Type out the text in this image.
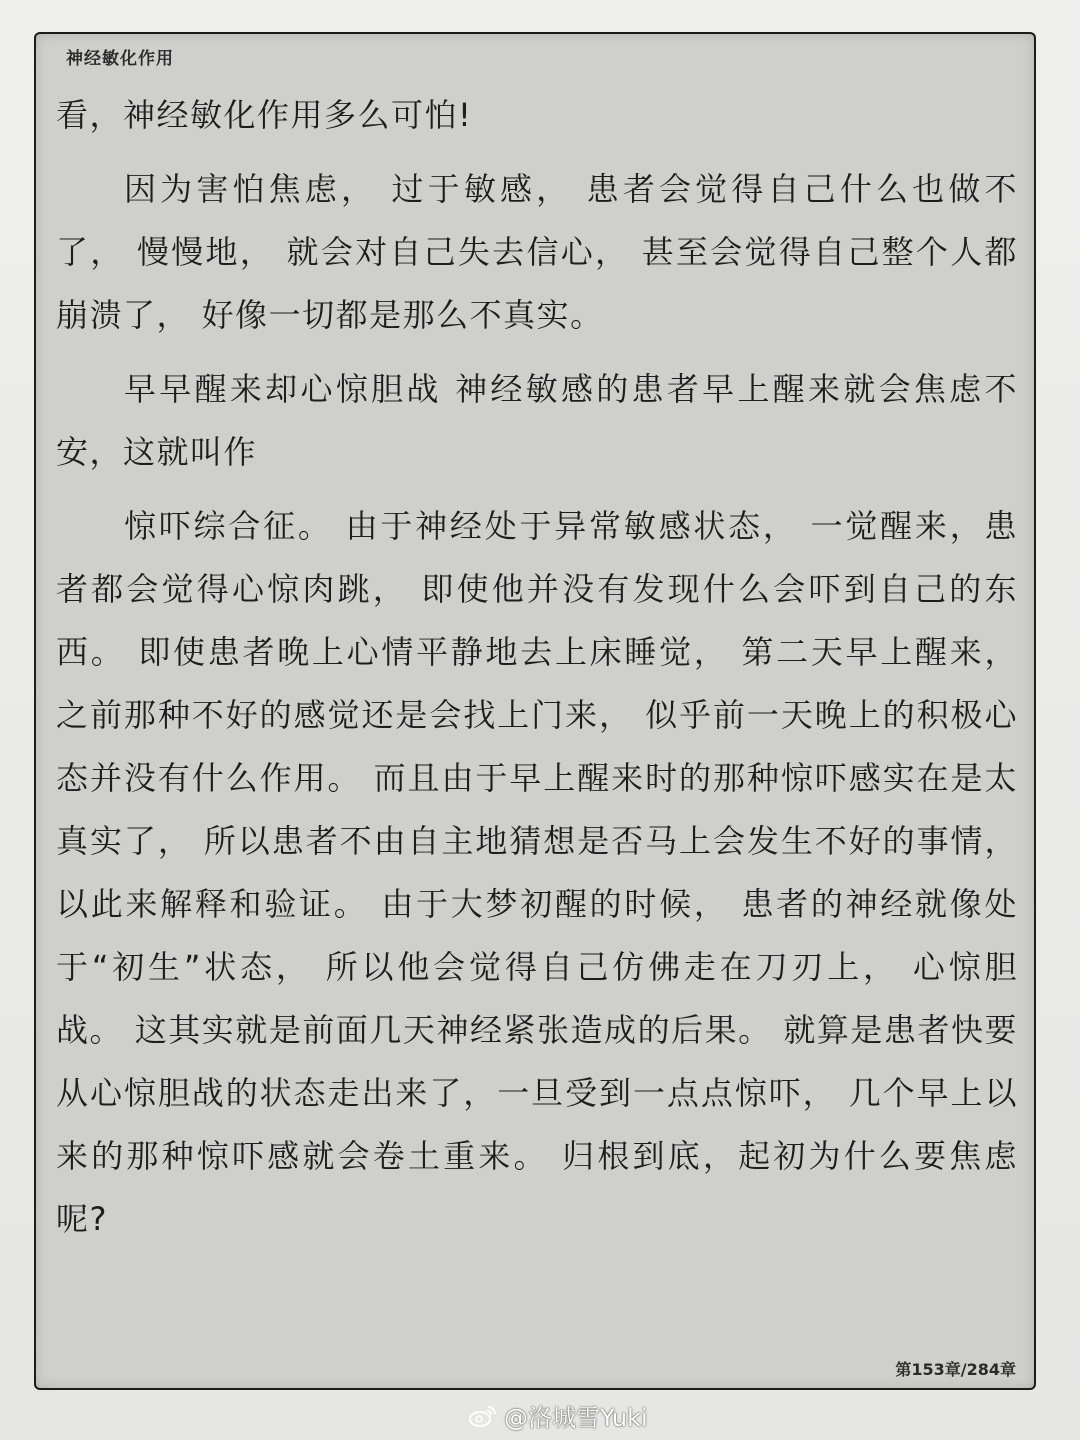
神经敏化作用

看，神经敏化作用多么可怕!

因为害怕焦虑， 过于敏感， 患者会觉得自己什么也做不了， 慢慢地， 就会对自己失去信心， 甚至会觉得自己整个人都崩溃了， 好像一切都是那么不真实。

早早醒来却心惊胆战 神经敏感的患者早上醒来就会焦虑不安，这就叫作

惊吓综合征。 由于神经处于异常敏感状态， 一觉醒来，患者都会觉得心惊肉跳， 即使他并没有发现什么会吓到自己的东西。 即使患者晚上心情平静地去上床睡觉， 第二天早上醒来， 之前那种不好的感觉还是会找上门来， 似乎前一天晚上的积极心态并没有什么作用。 而且由于早上醒来时的那种惊吓感实在是太真实了， 所以患者不由自主地猜想是否马上会发生不好的事情， 以此来解释和验证。 由于大梦初醒的时候， 患者的神经就像处于“初生”状态， 所以他会觉得自己仿佛走在刀刃上， 心惊胆战。 这其实就是前面几天神经紧张造成的后果。 就算是患者快要从心惊胆战的状态走出来了，一旦受到一点点惊吓， 几个早上以来的那种惊吓感就会卷土重来。 归根到底，起初为什么要焦虑呢?

第153章/284章
@洛城雪Yuki
